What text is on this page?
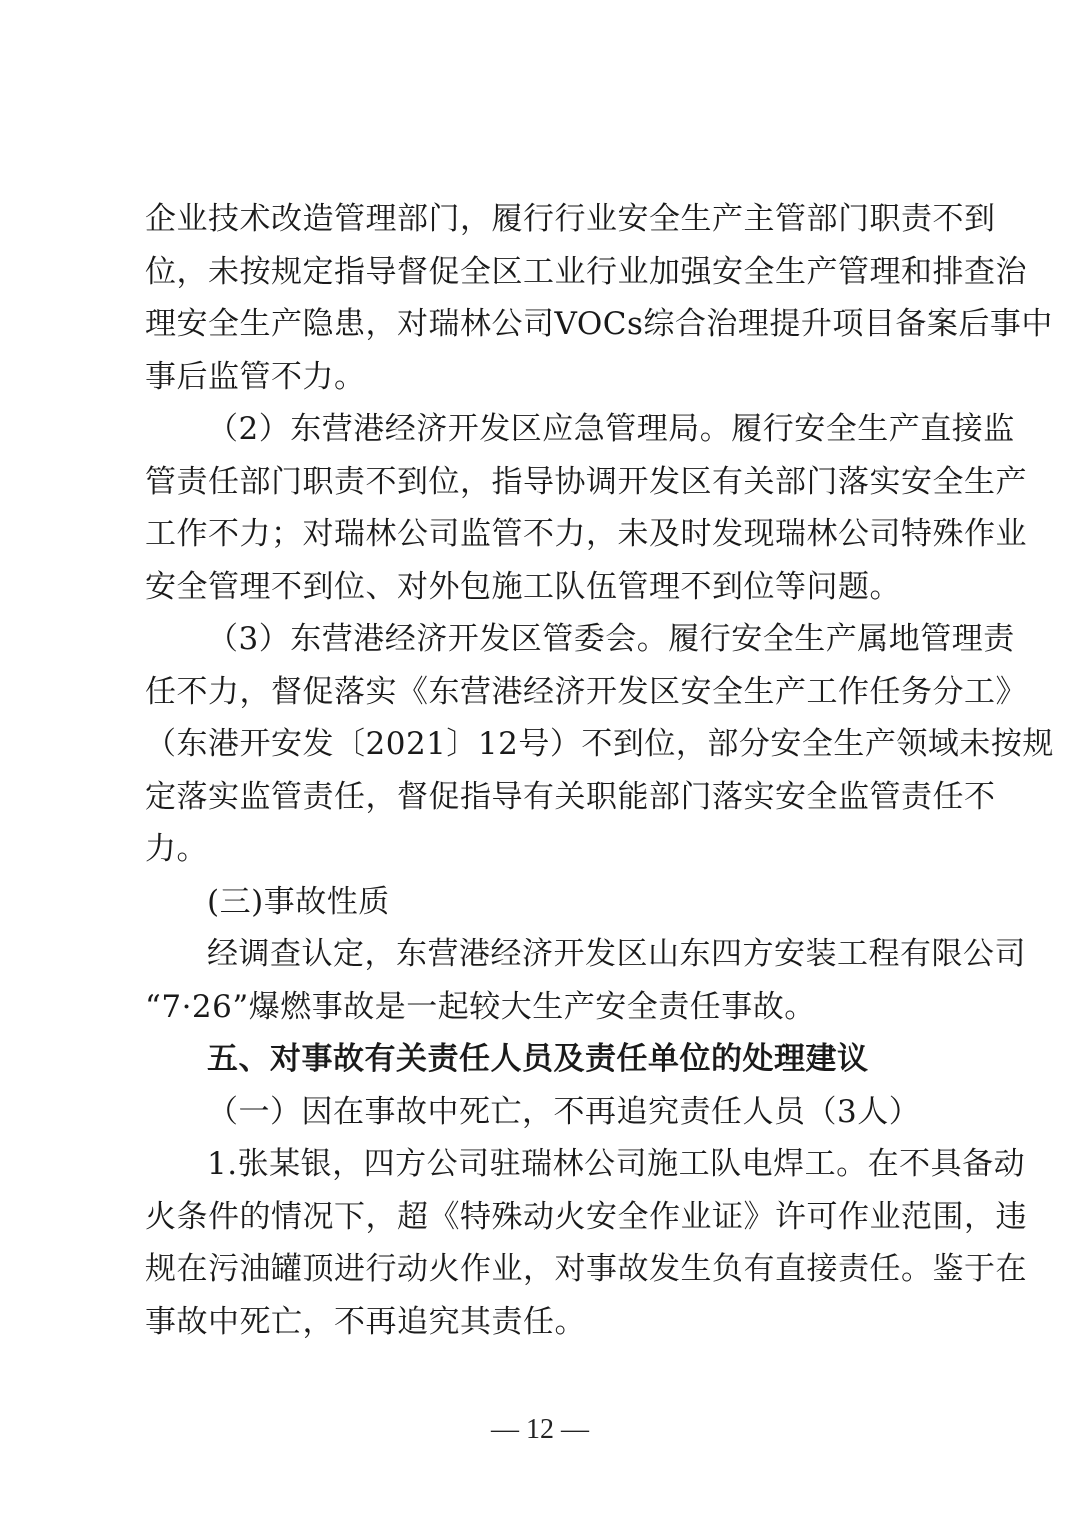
企业技术改造管理部门，履行行业安全生产主管部门职责不到
位，未按规定指导督促全区工业行业加强安全生产管理和排查治
理安全生产隐患，对瑞林公司VOCs综合治理提升项目备案后事中
事后监管不力。
（2）东营港经济开发区应急管理局。履行安全生产直接监
管责任部门职责不到位，指导协调开发区有关部门落实安全生产
工作不力；对瑞林公司监管不力，未及时发现瑞林公司特殊作业
安全管理不到位、对外包施工队伍管理不到位等问题。
（3）东营港经济开发区管委会。履行安全生产属地管理责
任不力，督促落实《东营港经济开发区安全生产工作任务分工》
（东港开安发〔2021〕12号）不到位，部分安全生产领域未按规
定落实监管责任，督促指导有关职能部门落实安全监管责任不
力。
(三)事故性质
经调查认定，东营港经济开发区山东四方安装工程有限公司
“7·26”爆燃事故是一起较大生产安全责任事故。
五、对事故有关责任人员及责任单位的处理建议
（一）因在事故中死亡，不再追究责任人员（3人）
1.张某银，四方公司驻瑞林公司施工队电焊工。在不具备动
火条件的情况下，超《特殊动火安全作业证》许可作业范围，违
规在污油罐顶进行动火作业，对事故发生负有直接责任。鉴于在
事故中死亡，不再追究其责任。
— 12 —
